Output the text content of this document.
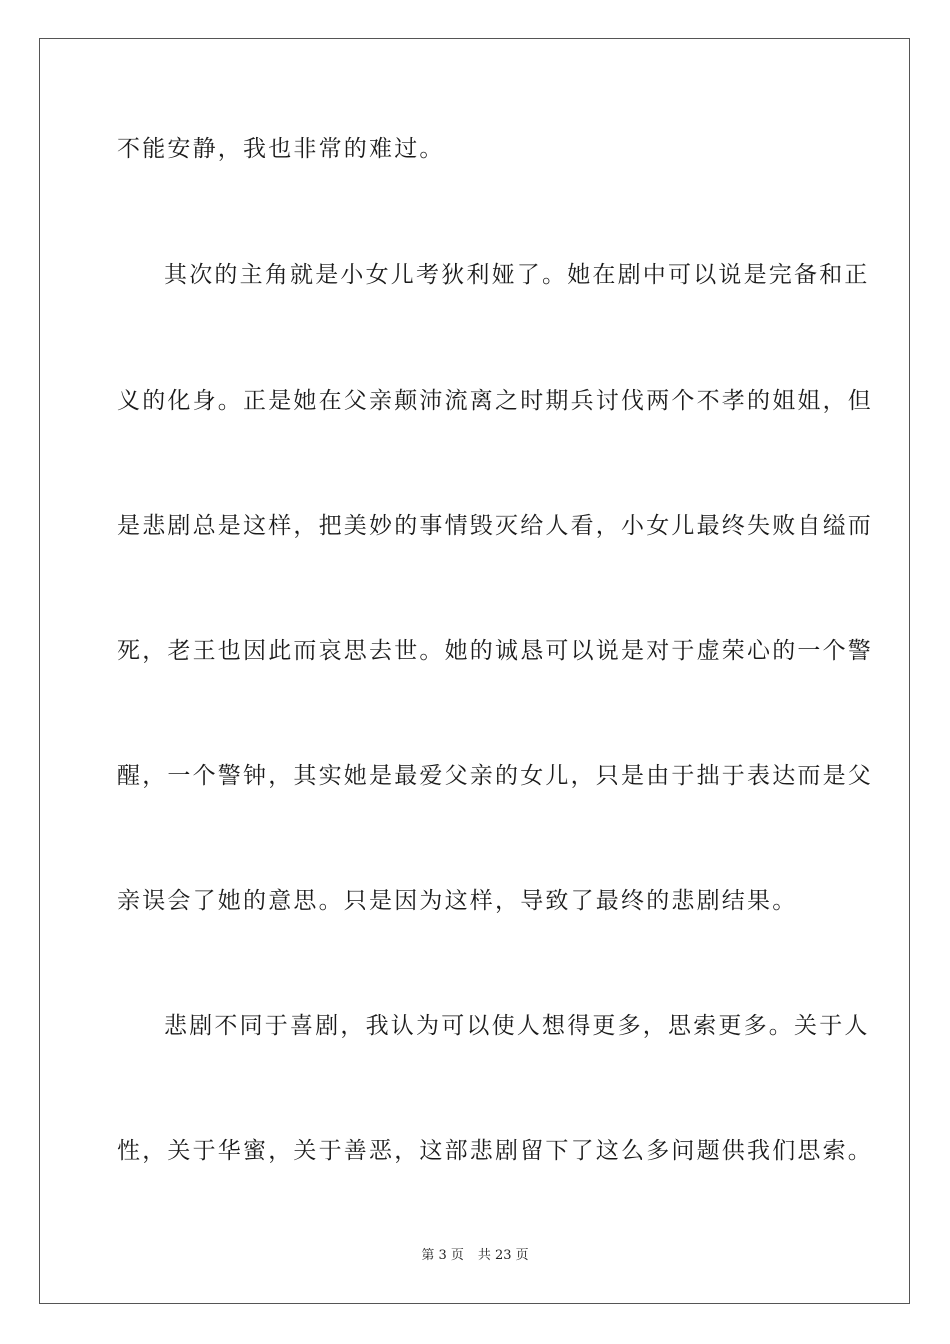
不能安静，我也非常的难过。
其次的主角就是小女儿考狄利娅了。她在剧中可以说是完备和正
义的化身。正是她在父亲颠沛流离之时期兵讨伐两个不孝的姐姐，但
是悲剧总是这样，把美妙的事情毁灭给人看，小女儿最终失败自缢而
死，老王也因此而哀思去世。她的诚恳可以说是对于虚荣心的一个警
醒，一个警钟，其实她是最爱父亲的女儿，只是由于拙于表达而是父
亲误会了她的意思。只是因为这样，导致了最终的悲剧结果。
悲剧不同于喜剧，我认为可以使人想得更多，思索更多。关于人
性，关于华蜜，关于善恶，这部悲剧留下了这么多问题供我们思索。
第 3 页 共 23 页
